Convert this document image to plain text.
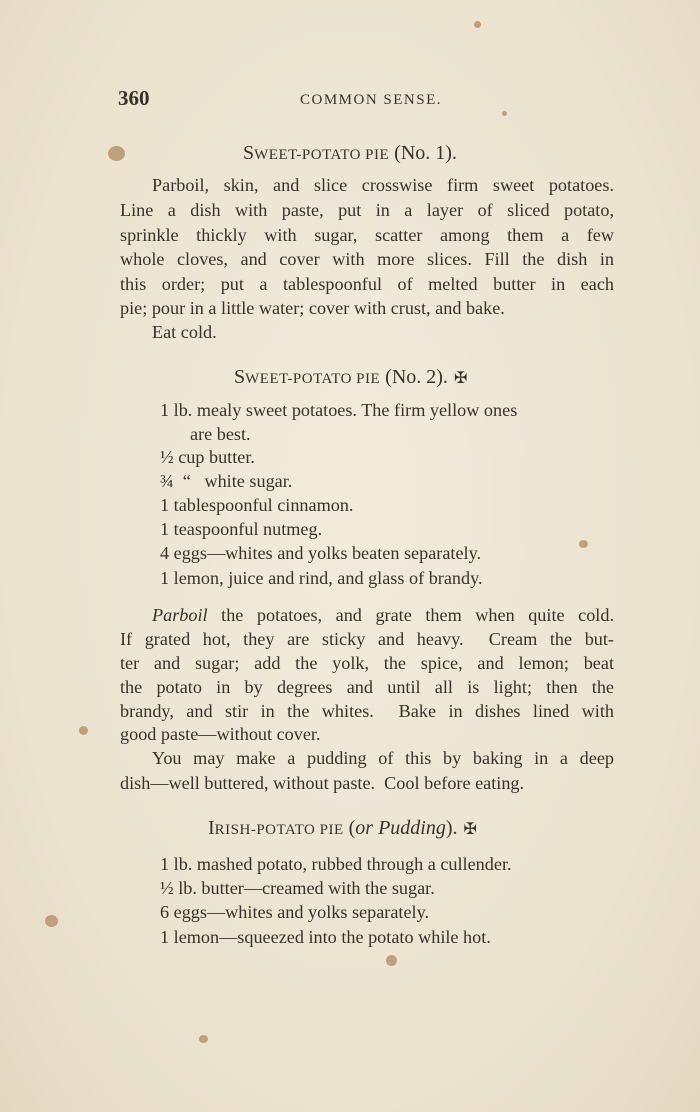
360	COMMON SENSE.
SWEET-POTATO PIE (No. 1).
Parboil, skin, and slice crosswise firm sweet potatoes.
Line a dish with paste, put in a layer of sliced potato,
sprinkle thickly with sugar, scatter among them a few
whole cloves, and cover with more slices. Fill the dish in
this order; put a tablespoonful of melted butter in each
pie; pour in a little water; cover with crust, and bake.
Eat cold.
SWEET-POTATO PIE (No. 2). ✠
1 lb. mealy sweet potatoes. The firm yellow ones
are best.
½ cup butter.
¾  “   white sugar.
1 tablespoonful cinnamon.
1 teaspoonful nutmeg.
4 eggs—whites and yolks beaten separately.
1 lemon, juice and rind, and glass of brandy.
Parboil the potatoes, and grate them when quite cold.
If grated hot, they are sticky and heavy.  Cream the but-
ter and sugar; add the yolk, the spice, and lemon; beat
the potato in by degrees and until all is light; then the
brandy, and stir in the whites.  Bake in dishes lined with
good paste—without cover.
You may make a pudding of this by baking in a deep
dish—well buttered, without paste.  Cool before eating.
IRISH-POTATO PIE (or Pudding). ✠
1 lb. mashed potato, rubbed through a cullender.
½ lb. butter—creamed with the sugar.
6 eggs—whites and yolks separately.
1 lemon—squeezed into the potato while hot.
